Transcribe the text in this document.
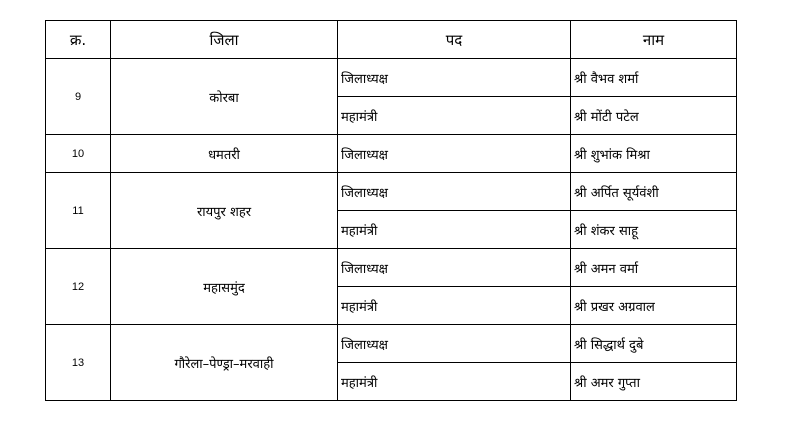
क्र.	जिला	पद	नाम
9	कोरबा	जिलाध्यक्ष	श्री वैभव शर्मा
		महामंत्री	श्री मोंटी पटेल
10	धमतरी	जिलाध्यक्ष	श्री शुभांक मिश्रा
11	रायपुर शहर	जिलाध्यक्ष	श्री अर्पित सूर्यवंशी
		महामंत्री	श्री शंकर साहू
12	महासमुंद	जिलाध्यक्ष	श्री अमन वर्मा
		महामंत्री	श्री प्रखर अग्रवाल
13	गौरेला–पेण्ड्रा–मरवाही	जिलाध्यक्ष	श्री सिद्धार्थ दुबे
		महामंत्री	श्री अमर गुप्ता
